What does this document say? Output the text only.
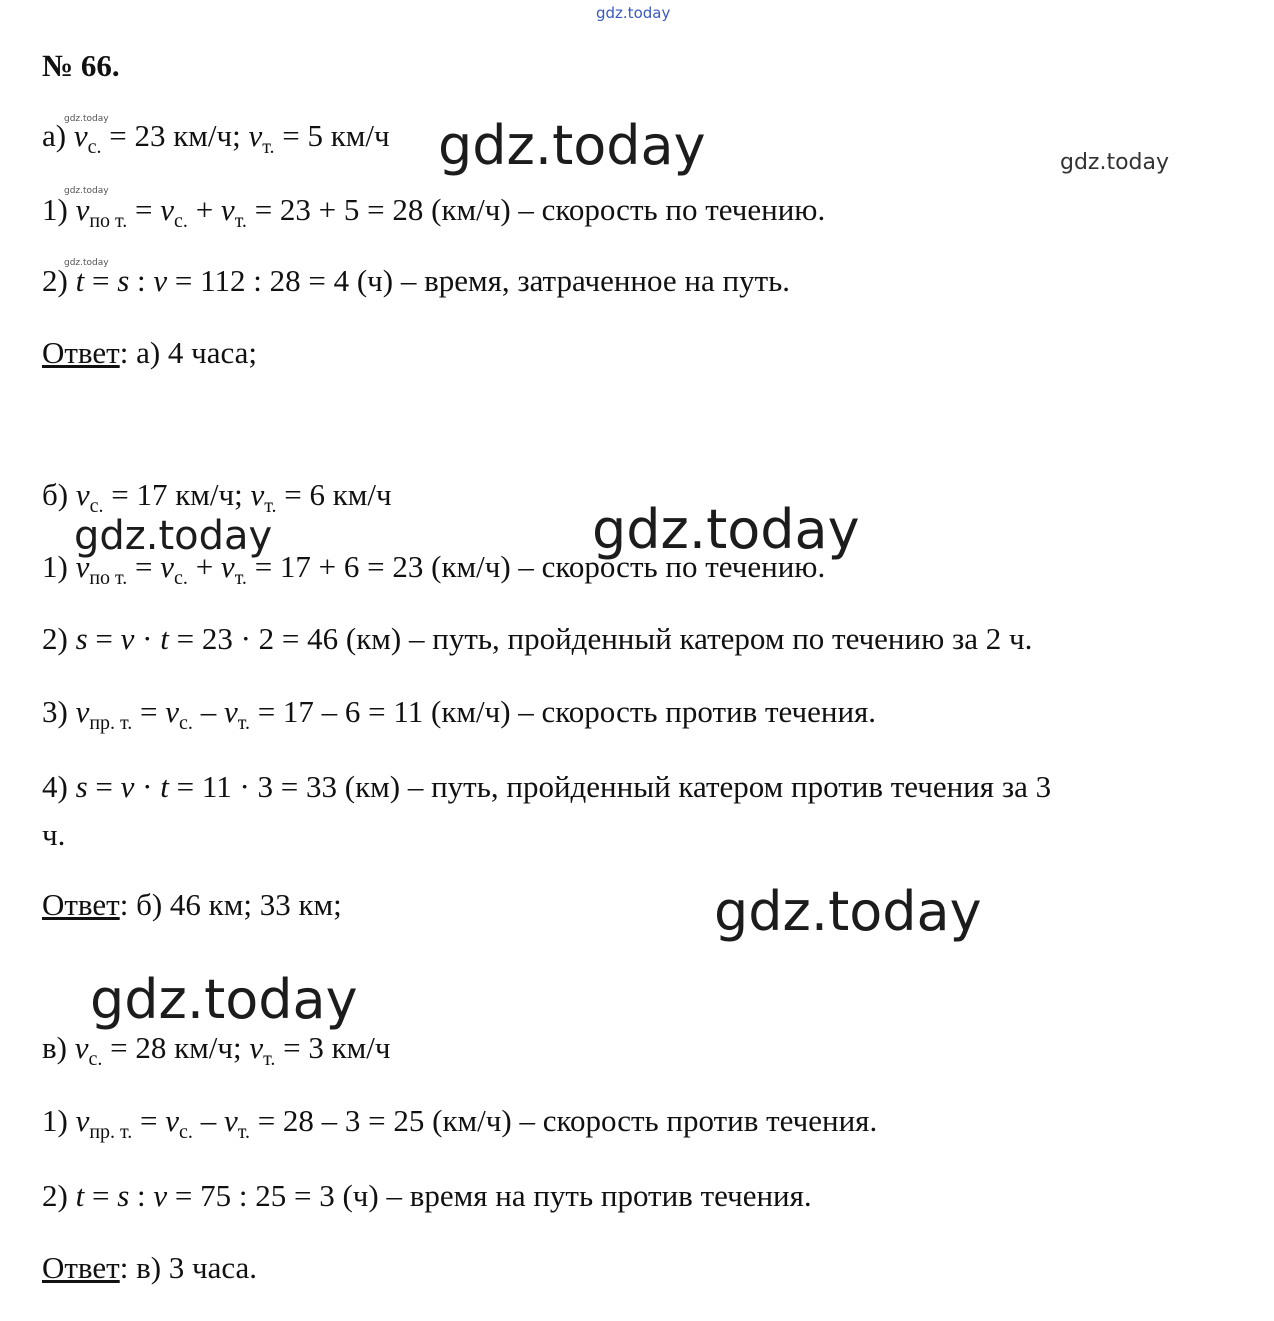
gdz.today
№ 66.
gdz.today
а) $v_{с.} = 23$ км/ч; $v_{т.} = 5$ км/ч gdz.today	gdz.today
gdz.today
1) $v_{по т.} = v_{с.} + v_{т.} = 23 + 5 = 28$ (км/ч) – скорость по течению.
gdz.today
2) t = s : v = 112 : 28 = 4 (ч) – время, затраченное на путь.
Ответ: а) 4 часа;
б) $v_{с.} = 17$ км/ч; $v_{т.} = 6$ км/ч
gdz.today
gdz.today
1) $v_{по т.} = v_{с.} + v_{т.} = 17 + 6 = 23$ (км/ч) – скорость по течению.
2) s = v · t = 23 · 2 = 46 (км) – путь, пройденный катером по течению за 2 ч.
3) $v_{пр. т.} = v_{с.} - v_{т.} = 17 - 6 = 11$ (км/ч) – скорость против течения.
4) s = v · t = 11 · 3 = 33 (км) – путь, пройденный катером против течения за 3
ч.
Ответ: б) 46 км; 33 км;	gdz.today
gdz.today
в) $v_{с.} = 28$ км/ч; $v_{т.} = 3$ км/ч
1) $v_{пр. т.} = v_{с.} - v_{т.} = 28 - 3 = 25$ (км/ч) – скорость против течения.
2) t = s : v = 75 : 25 = 3 (ч) – время на путь против течения.
Ответ: в) 3 часа.
